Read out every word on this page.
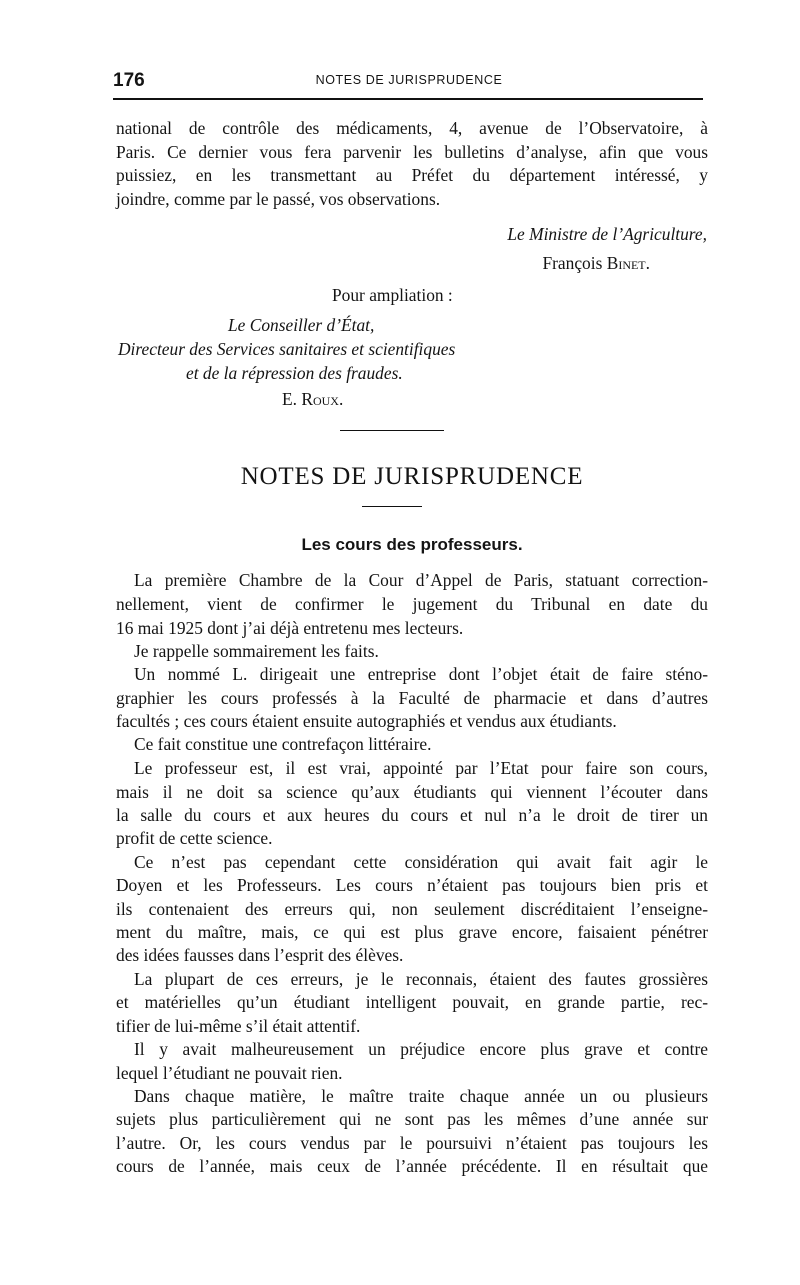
176	NOTES DE JURISPRUDENCE
national de contrôle des médicaments, 4, avenue de l’Observatoire, à
Paris. Ce dernier vous fera parvenir les bulletins d’analyse, afin que vous
puissiez, en les transmettant au Préfet du département intéressé, y
joindre, comme par le passé, vos observations.
Le Ministre de l’Agriculture,
François Binet.
Pour ampliation :
Le Conseiller d’État,
Directeur des Services sanitaires et scientifiques
et de la répression des fraudes.
E. Roux.
NOTES DE JURISPRUDENCE
Les cours des professeurs.
La première Chambre de la Cour d’Appel de Paris, statuant correction-
nellement, vient de confirmer le jugement du Tribunal en date du
16 mai 1925 dont j’ai déjà entretenu mes lecteurs.
Je rappelle sommairement les faits.
Un nommé L. dirigeait une entreprise dont l’objet était de faire sténo-
graphier les cours professés à la Faculté de pharmacie et dans d’autres
facultés ; ces cours étaient ensuite autographiés et vendus aux étudiants.
Ce fait constitue une contrefaçon littéraire.
Le professeur est, il est vrai, appointé par l’Etat pour faire son cours,
mais il ne doit sa science qu’aux étudiants qui viennent l’écouter dans
la salle du cours et aux heures du cours et nul n’a le droit de tirer un
profit de cette science.
Ce n’est pas cependant cette considération qui avait fait agir le
Doyen et les Professeurs. Les cours n’étaient pas toujours bien pris et
ils contenaient des erreurs qui, non seulement discréditaient l’enseigne-
ment du maître, mais, ce qui est plus grave encore, faisaient pénétrer
des idées fausses dans l’esprit des élèves.
La plupart de ces erreurs, je le reconnais, étaient des fautes grossières
et matérielles qu’un étudiant intelligent pouvait, en grande partie, rec-
tifier de lui-même s’il était attentif.
Il y avait malheureusement un préjudice encore plus grave et contre
lequel l’étudiant ne pouvait rien.
Dans chaque matière, le maître traite chaque année un ou plusieurs
sujets plus particulièrement qui ne sont pas les mêmes d’une année sur
l’autre. Or, les cours vendus par le poursuivi n’étaient pas toujours les
cours de l’année, mais ceux de l’année précédente. Il en résultait que
